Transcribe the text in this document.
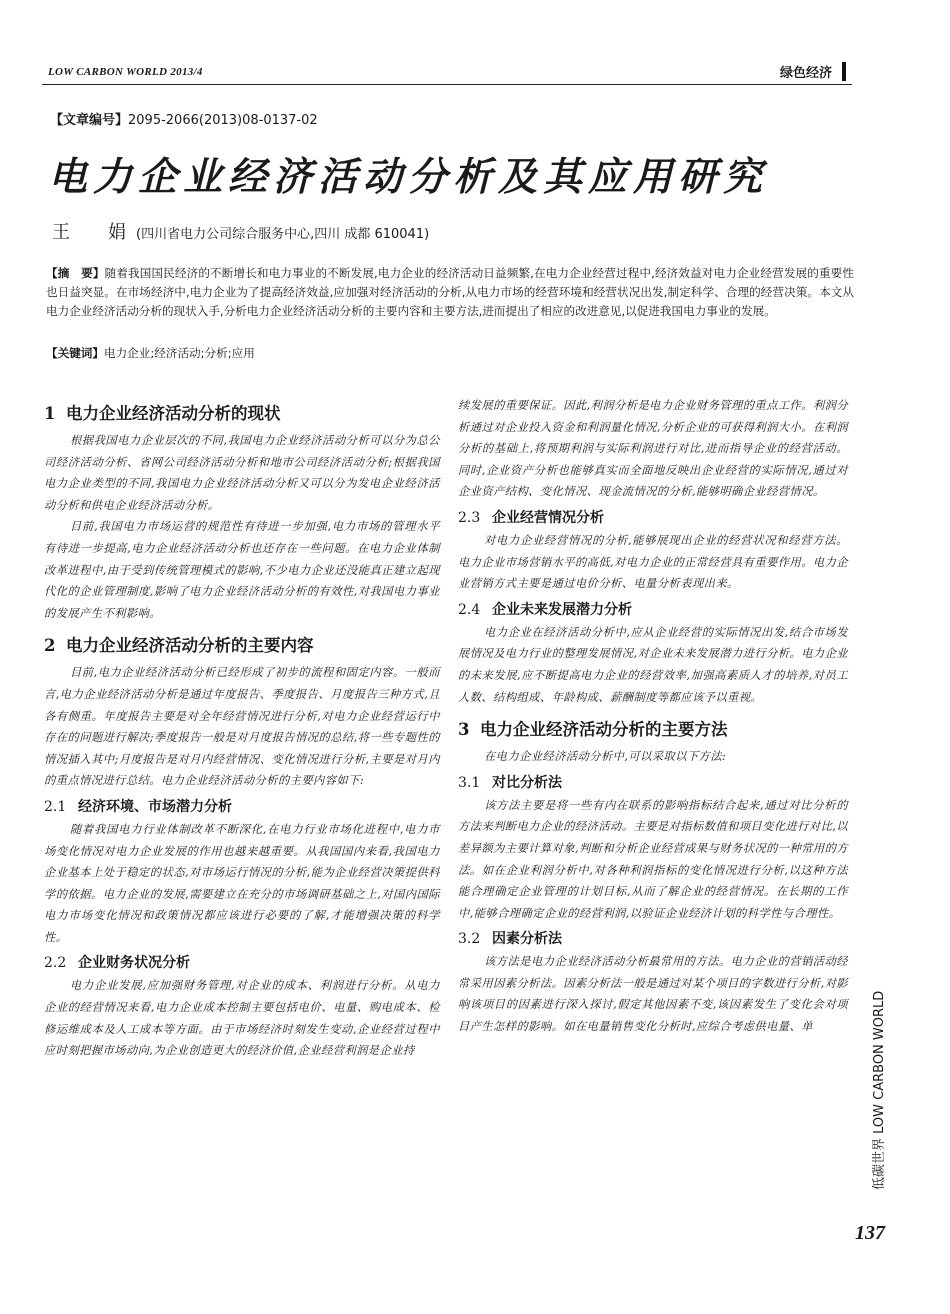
LOW CARBON WORLD 2013/4	绿色经济
【文章编号】2095-2066(2013)08-0137-02
电力企业经济活动分析及其应用研究
王　娟(四川省电力公司综合服务中心,四川 成都 610041)
【摘　要】随着我国国民经济的不断增长和电力事业的不断发展,电力企业的经济活动日益频繁,在电力企业经营过程中,经济效益对电力企业经营发展的重要性也日益突显。在市场经济中,电力企业为了提高经济效益,应加强对经济活动的分析,从电力市场的经营环境和经营状况出发,制定科学、合理的经营决策。本文从电力企业经济活动分析的现状入手,分析电力企业经济活动分析的主要内容和主要方法,进而提出了相应的改进意见,以促进我国电力事业的发展。
【关键词】电力企业;经济活动;分析;应用
1 电力企业经济活动分析的现状

根据我国电力企业层次的不同,我国电力企业经济活动分析可以分为总公司经济活动分析、省网公司经济活动分析和地市公司经济活动分析;根据我国电力企业类型的不同,我国电力企业经济活动分析又可以分为发电企业经济活动分析和供电企业经济活动分析。

目前,我国电力市场运营的规范性有待进一步加强,电力市场的管理水平有待进一步提高,电力企业经济活动分析也还存在一些问题。在电力企业体制改革进程中,由于受到传统管理模式的影响,不少电力企业还没能真正建立起现代化的企业管理制度,影响了电力企业经济活动分析的有效性,对我国电力事业的发展产生不利影响。

2 电力企业经济活动分析的主要内容

目前,电力企业经济活动分析已经形成了初步的流程和固定内容。一般而言,电力企业经济活动分析是通过年度报告、季度报告、月度报告三种方式,且各有侧重。年度报告主要是对全年经营情况进行分析,对电力企业经营运行中存在的问题进行解决;季度报告一般是对月度报告情况的总结,将一些专题性的情况插入其中;月度报告是对月内经营情况、变化情况进行分析,主要是对月内的重点情况进行总结。电力企业经济活动分析的主要内容如下:

2.1 经济环境、市场潜力分析

随着我国电力行业体制改革不断深化,在电力行业市场化进程中,电力市场变化情况对电力企业发展的作用也越来越重要。从我国国内来看,我国电力企业基本上处于稳定的状态,对市场运行情况的分析,能为企业经营决策提供科学的依据。电力企业的发展,需要建立在充分的市场调研基础之上,对国内国际电力市场变化情况和政策情况都应该进行必要的了解,才能增强决策的科学性。

2.2 企业财务状况分析

电力企业发展,应加强财务管理,对企业的成本、利润进行分析。从电力企业的经营情况来看,电力企业成本控制主要包括电价、电量、购电成本、检修运维成本及人工成本等方面。由于市场经济时刻发生变动,企业经营过程中应时刻把握市场动向,为企业创造更大的经济价值,企业经营利润是企业持

续发展的重要保证。因此,利润分析是电力企业财务管理的重点工作。利润分析通过对企业投入资金和利润量化情况,分析企业的可获得利润大小。在利润分析的基础上,将预期利润与实际利润进行对比,进而指导企业的经营活动。同时,企业资产分析也能够真实而全面地反映出企业经营的实际情况,通过对企业资产结构、变化情况、现金流情况的分析,能够明确企业经营情况。

2.3 企业经营情况分析

对电力企业经营情况的分析,能够展现出企业的经营状况和经营方法。电力企业市场营销水平的高低,对电力企业的正常经营具有重要作用。电力企业营销方式主要是通过电价分析、电量分析表现出来。

2.4 企业未来发展潜力分析

电力企业在经济活动分析中,应从企业经营的实际情况出发,结合市场发展情况及电力行业的整理发展情况,对企业未来发展潜力进行分析。电力企业的未来发展,应不断提高电力企业的经营效率,加强高素质人才的培养,对员工人数、结构组成、年龄构成、薪酬制度等都应该予以重视。

3 电力企业经济活动分析的主要方法

在电力企业经济活动分析中,可以采取以下方法:

3.1 对比分析法

该方法主要是将一些有内在联系的影响指标结合起来,通过对比分析的方法来判断电力企业的经济活动。主要是对指标数值和项目变化进行对比,以差异额为主要计算对象,判断和分析企业经营成果与财务状况的一种常用的方法。如在企业利润分析中,对各种利润指标的变化情况进行分析,以这种方法能合理确定企业管理的计划目标,从而了解企业的经营情况。在长期的工作中,能够合理确定企业的经营利润,以验证企业经济计划的科学性与合理性。

3.2 因素分析法

该方法是电力企业经济活动分析最常用的方法。电力企业的营销活动经常采用因素分析法。因素分析法一般是通过对某个项目的字数进行分析,对影响该项目的因素进行深入探讨,假定其他因素不变,该因素发生了变化会对项目产生怎样的影响。如在电量销售变化分析时,应综合考虑供电量、单	低碳世界 LOW CARBON WORLD
137
